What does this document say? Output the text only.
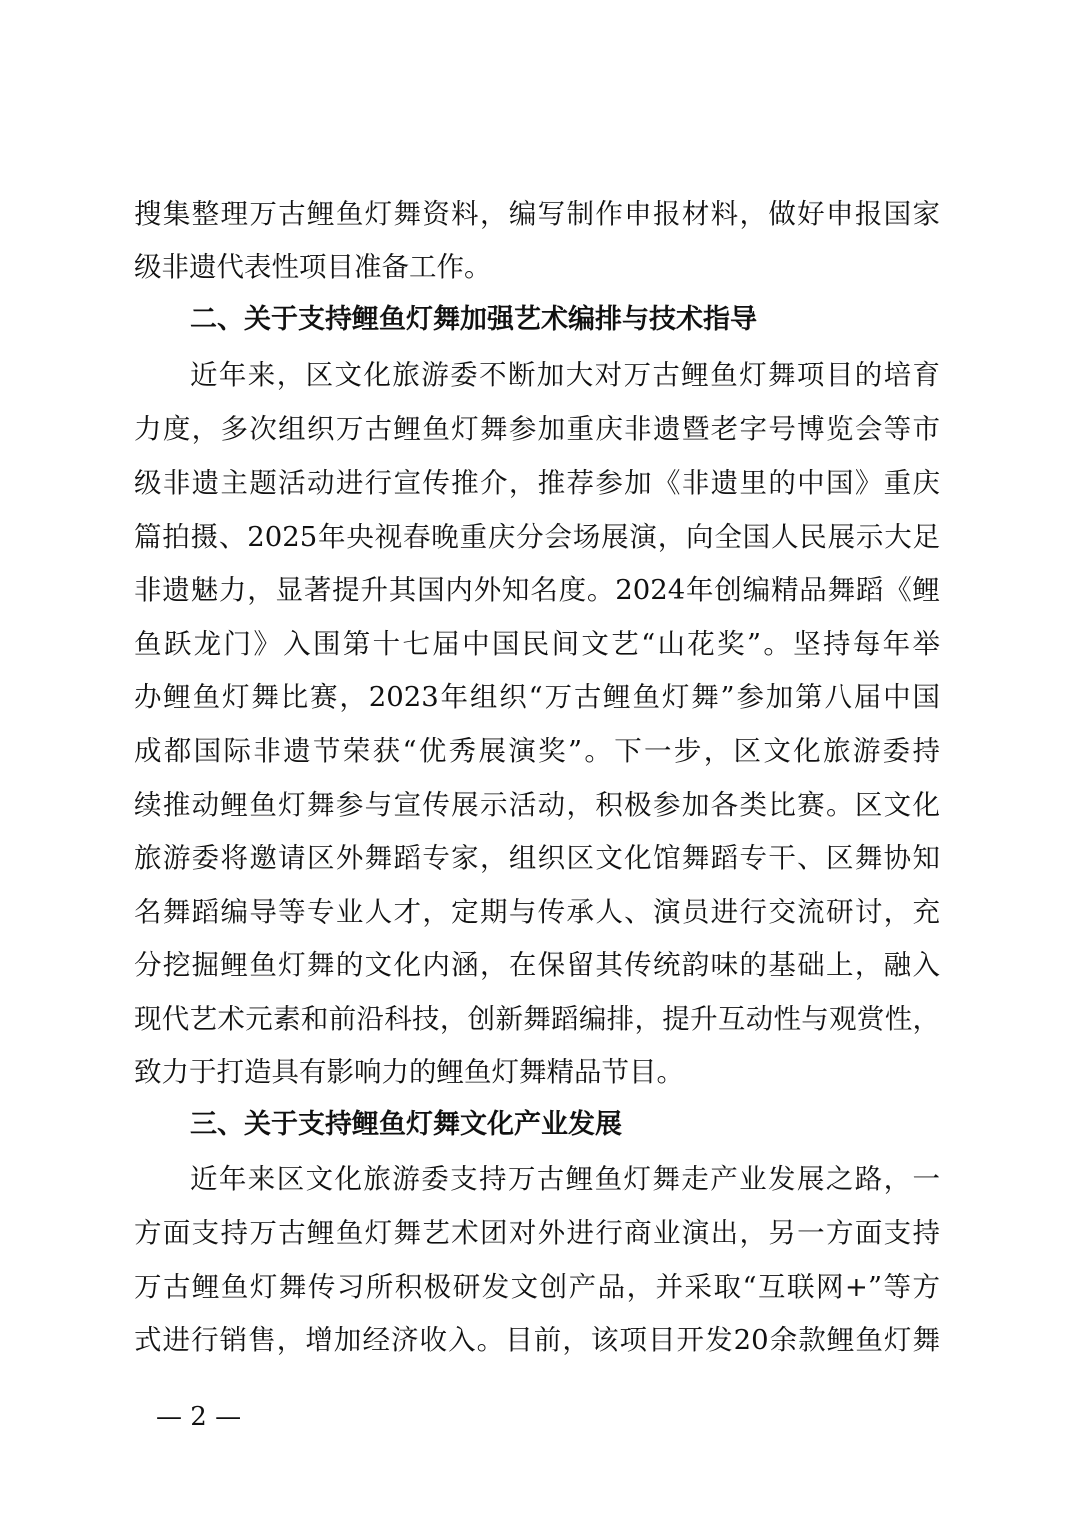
搜集整理万古鲤鱼灯舞资料，编写制作申报材料，做好申报国家
级非遗代表性项目准备工作。
二、关于支持鲤鱼灯舞加强艺术编排与技术指导
近年来，区文化旅游委不断加大对万古鲤鱼灯舞项目的培育
力度，多次组织万古鲤鱼灯舞参加重庆非遗暨老字号博览会等市
级非遗主题活动进行宣传推介，推荐参加《非遗里的中国》重庆
篇拍摄、2025年央视春晚重庆分会场展演，向全国人民展示大足
非遗魅力，显著提升其国内外知名度。2024年创编精品舞蹈《鲤
鱼跃龙门》入围第十七届中国民间文艺“山花奖”。坚持每年举
办鲤鱼灯舞比赛，2023年组织“万古鲤鱼灯舞”参加第八届中国
成都国际非遗节荣获“优秀展演奖”。下一步，区文化旅游委持
续推动鲤鱼灯舞参与宣传展示活动，积极参加各类比赛。区文化
旅游委将邀请区外舞蹈专家，组织区文化馆舞蹈专干、区舞协知
名舞蹈编导等专业人才，定期与传承人、演员进行交流研讨，充
分挖掘鲤鱼灯舞的文化内涵，在保留其传统韵味的基础上，融入
现代艺术元素和前沿科技，创新舞蹈编排，提升互动性与观赏性，
致力于打造具有影响力的鲤鱼灯舞精品节目。
三、关于支持鲤鱼灯舞文化产业发展
近年来区文化旅游委支持万古鲤鱼灯舞走产业发展之路，一
方面支持万古鲤鱼灯舞艺术团对外进行商业演出，另一方面支持
万古鲤鱼灯舞传习所积极研发文创产品，并采取“互联网+”等方
式进行销售，增加经济收入。目前，该项目开发20余款鲤鱼灯舞
— 2 —
